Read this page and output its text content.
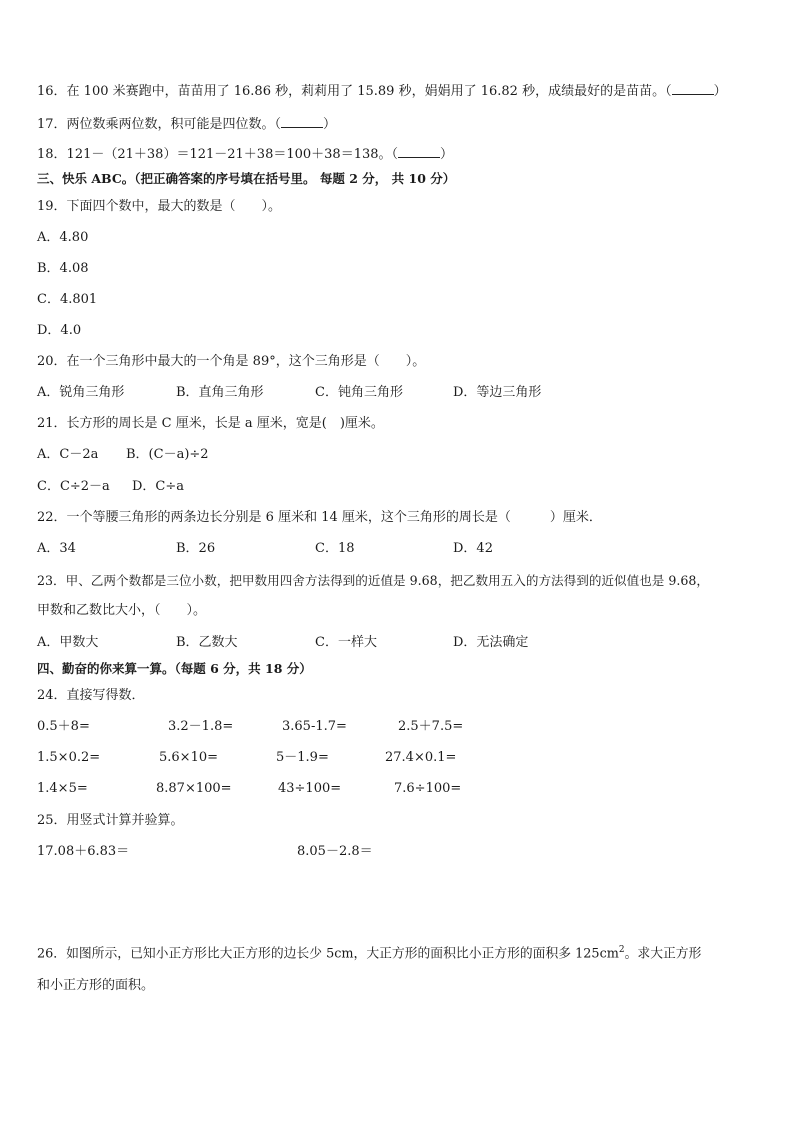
16．在 100 米赛跑中，苗苗用了 16.86 秒，莉莉用了 15.89 秒，娟娟用了 16.82 秒，成绩最好的是苗苗。（	）
17．两位数乘两位数，积可能是四位数。（	）
18．121－（21＋38）＝121－21＋38＝100＋38＝138。（	）
三、快乐 ABC。（把正确答案的序号填在括号里。 每题 2 分， 共 10 分）
19．下面四个数中，最大的数是（　　）。
A．4.80
B．4.08
C．4.801
D．4.0
20．在一个三角形中最大的一个角是 89°，这个三角形是（　　）。
A．锐角三角形	B．直角三角形	C．钝角三角形	D．等边三角形
21．长方形的周长是 C 厘米，长是 a 厘米，宽是(　)厘米。
A．C－2a B．(C－a)÷2
C．C÷2－a D．C÷a
22．一个等腰三角形的两条边长分别是 6 厘米和 14 厘米，这个三角形的周长是（　　　）厘米．
A．34	B．26	C．18	D．42
23．甲、乙两个数都是三位小数，把甲数用四舍方法得到的近值是 9.68，把乙数用五入的方法得到的近似值也是 9.68，
甲数和乙数比大小，（　　）。
A．甲数大	B．乙数大	C．一样大	D．无法确定
四、勤奋的你来算一算。（每题 6 分，共 18 分）
24．直接写得数．
0.5＋8=	3.2－1.8=	3.65-1.7=	2.5＋7.5=
1.5×0.2=	5.6×10=	5－1.9=	27.4×0.1=
1.4×5=	8.87×100=	43÷100=	7.6÷100=
25．用竖式计算并验算。
17.08＋6.83＝	8.05－2.8＝
26．如图所示，已知小正方形比大正方形的边长少 5cm，大正方形的面积比小正方形的面积多 $125cm^2$。求大正方形
和小正方形的面积。
